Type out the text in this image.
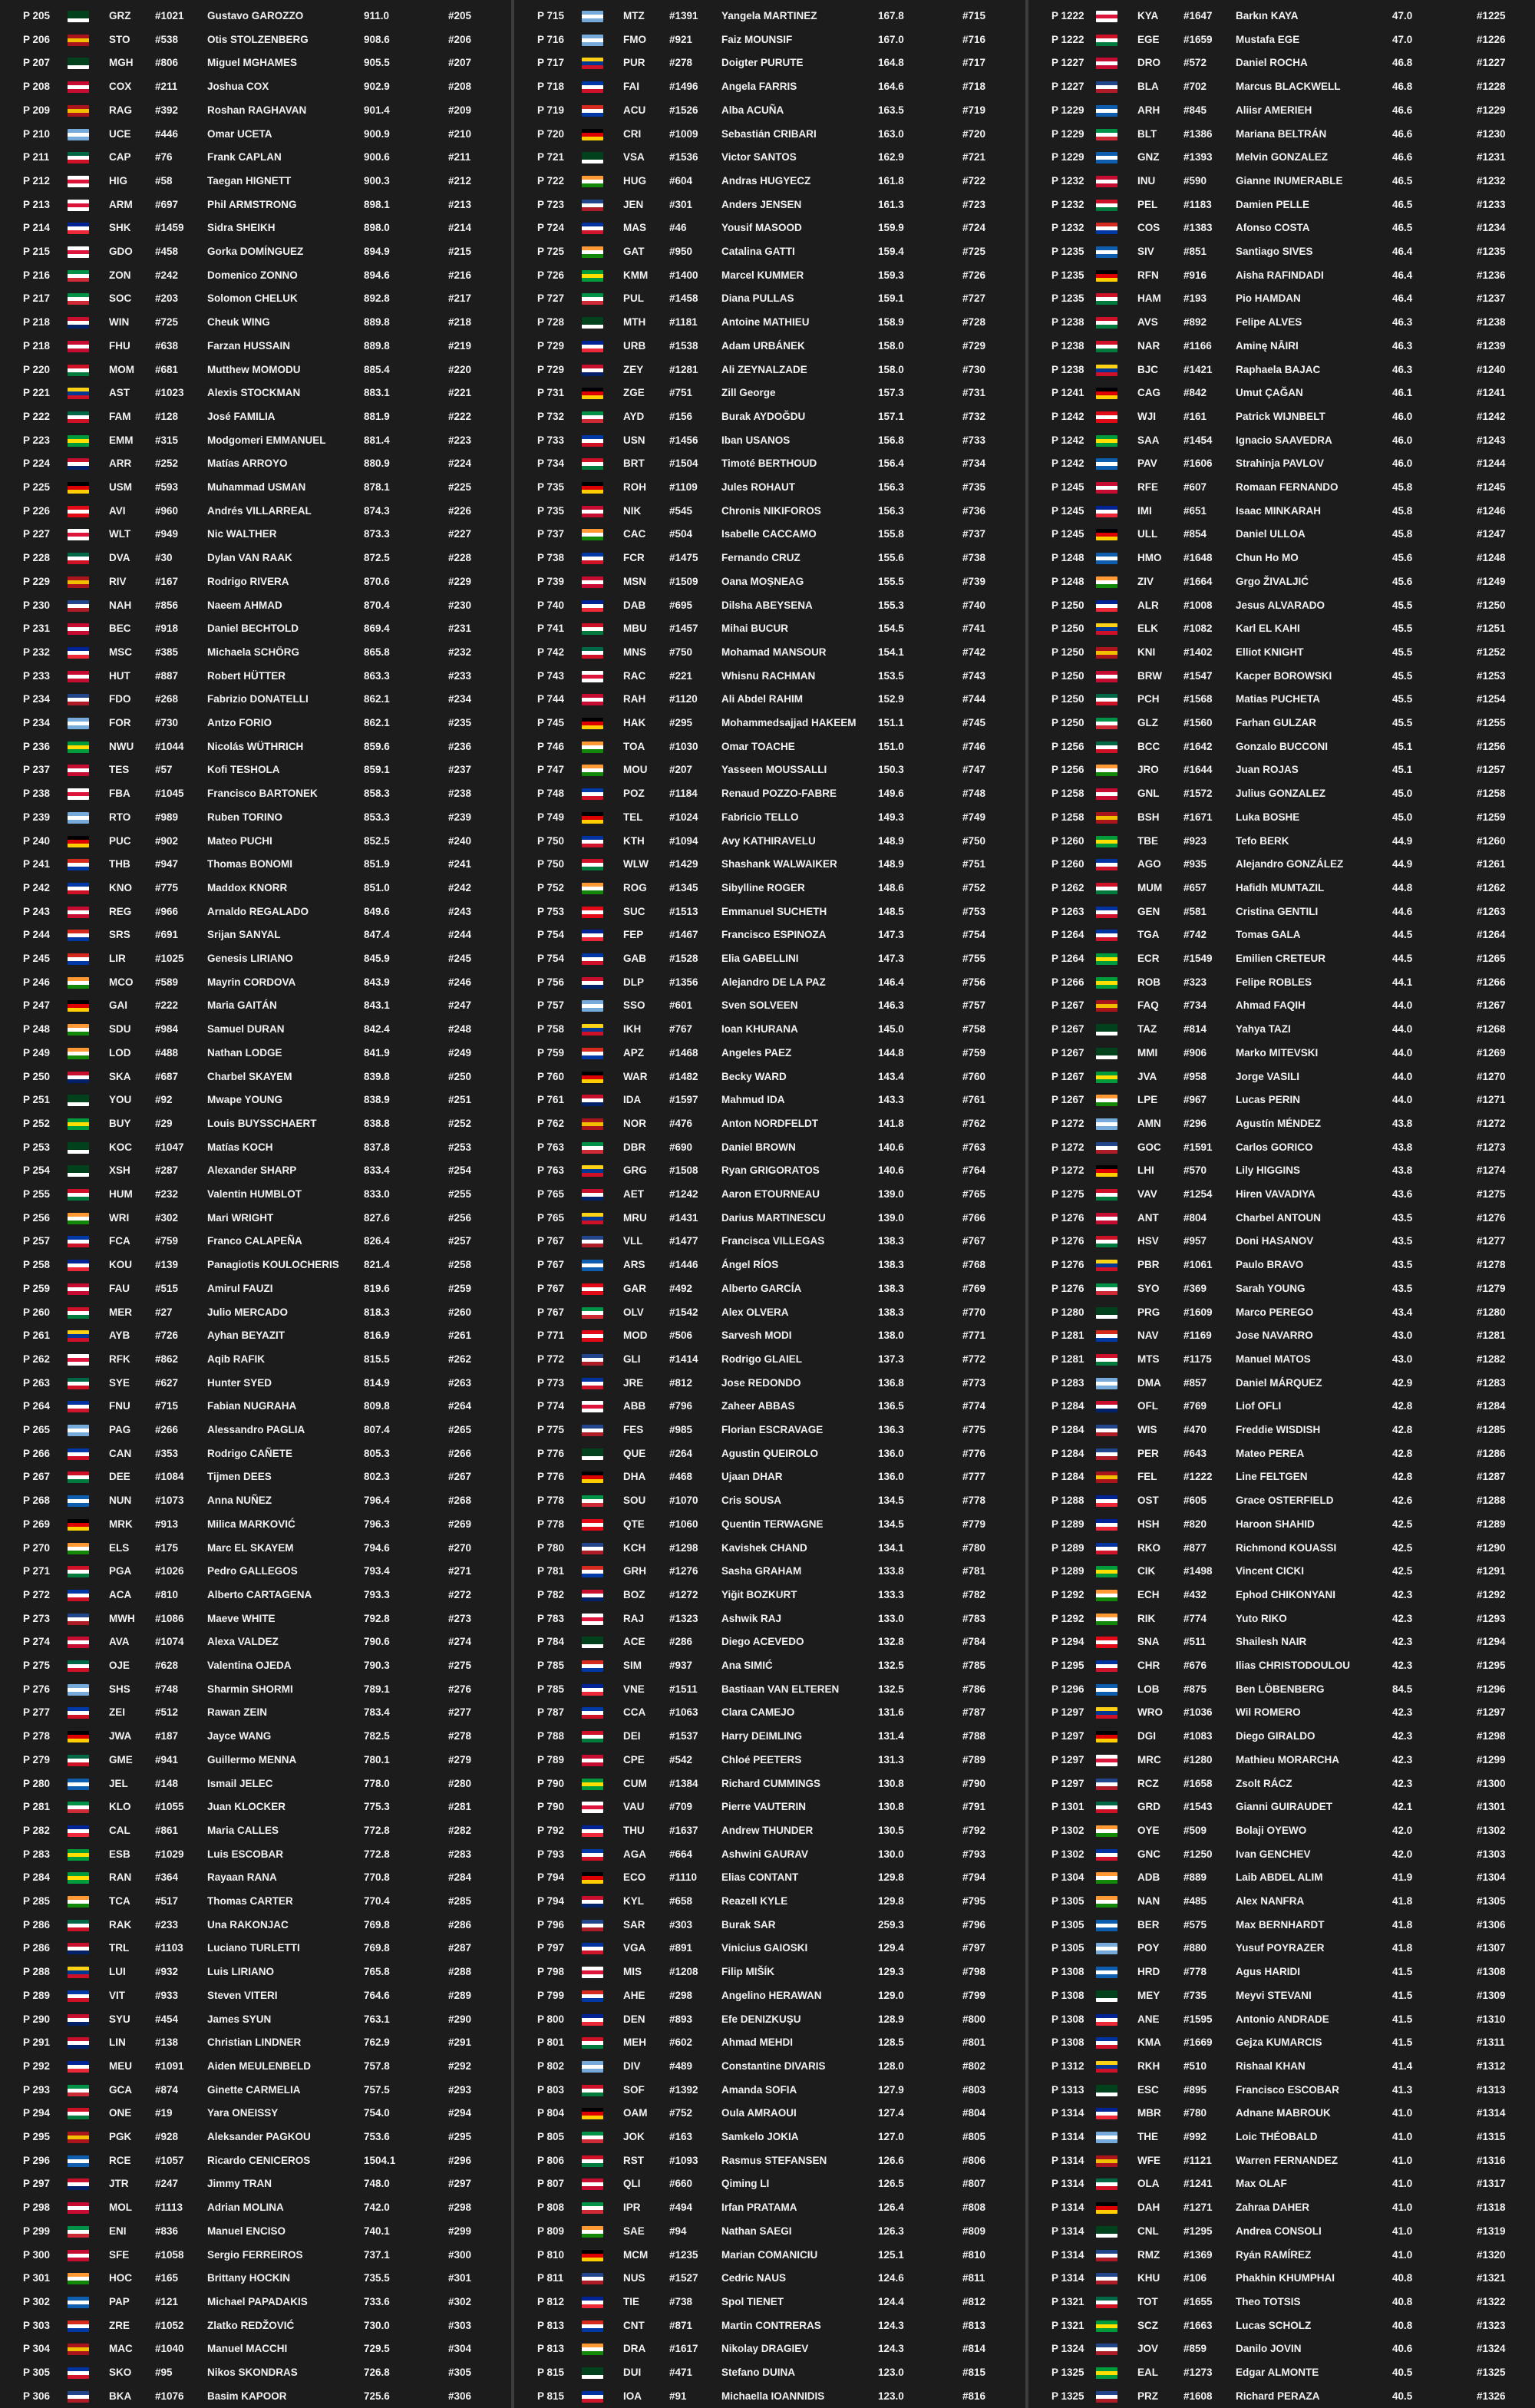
P 205	GRZ	#1021	Gustavo GAROZZO	911.0	#205
P 206	STO	#538	Otis STOLZENBERG	908.6	#206
P 207	MGH	#806	Miguel MGHAMES	905.5	#207
P 208	COX	#211	Joshua COX	902.9	#208
P 209	RAG	#392	Roshan RAGHAVAN	901.4	#209
P 210	UCE	#446	Omar UCETA	900.9	#210
P 211	CAP	#76	Frank CAPLAN	900.6	#211
P 212	HIG	#58	Taegan HIGNETT	900.3	#212
P 213	ARM	#697	Phil ARMSTRONG	898.1	#213
P 214	SHK	#1459	Sidra SHEIKH	898.0	#214
P 215	GDO	#458	Gorka DOMÍNGUEZ	894.9	#215
P 216	ZON	#242	Domenico ZONNO	894.6	#216
P 217	SOC	#203	Solomon CHELUK	892.8	#217
P 218	WIN	#725	Cheuk WING	889.8	#218
P 218	FHU	#638	Farzan HUSSAIN	889.8	#219
P 220	MOM	#681	Mutthew MOMODU	885.4	#220
P 221	AST	#1023	Alexis STOCKMAN	883.1	#221
P 222	FAM	#128	José FAMILIA	881.9	#222
P 223	EMM	#315	Modgomeri EMMANUEL	881.4	#223
P 224	ARR	#252	Matías ARROYO	880.9	#224
P 225	USM	#593	Muhammad USMAN	878.1	#225
P 226	AVI	#960	Andrés VILLARREAL	874.3	#226
P 227	WLT	#949	Nic WALTHER	873.3	#227
P 228	DVA	#30	Dylan VAN RAAK	872.5	#228
P 229	RIV	#167	Rodrigo RIVERA	870.6	#229
P 230	NAH	#856	Naeem AHMAD	870.4	#230
P 231	BEC	#918	Daniel BECHTOLD	869.4	#231
P 232	MSC	#385	Michaela SCHÖRG	865.8	#232
P 233	HUT	#887	Robert HÜTTER	863.3	#233
P 234	FDO	#268	Fabrizio DONATELLI	862.1	#234
P 234	FOR	#730	Antzo FORIO	862.1	#235
P 236	NWU	#1044	Nicolás WÜTHRICH	859.6	#236
P 237	TES	#57	Kofi TESHOLA	859.1	#237
P 238	FBA	#1045	Francisco BARTONEK	858.3	#238
P 239	RTO	#989	Ruben TORINO	853.3	#239
P 240	PUC	#902	Mateo PUCHI	852.5	#240
P 241	THB	#947	Thomas BONOMI	851.9	#241
P 242	KNO	#775	Maddox KNORR	851.0	#242
P 243	REG	#966	Arnaldo REGALADO	849.6	#243
P 244	SRS	#691	Srijan SANYAL	847.4	#244
P 245	LIR	#1025	Genesis LIRIANO	845.9	#245
P 246	MCO	#589	Mayrin CORDOVA	843.9	#246
P 247	GAI	#222	Maria GAITÁN	843.1	#247
P 248	SDU	#984	Samuel DURAN	842.4	#248
P 249	LOD	#488	Nathan LODGE	841.9	#249
P 250	SKA	#687	Charbel SKAYEM	839.8	#250
P 251	YOU	#92	Mwape YOUNG	838.9	#251
P 252	BUY	#29	Louis BUYSSCHAERT	838.8	#252
P 253	KOC	#1047	Matías KOCH	837.8	#253
P 254	XSH	#287	Alexander SHARP	833.4	#254
P 255	HUM	#232	Valentin HUMBLOT	833.0	#255
P 256	WRI	#302	Mari WRIGHT	827.6	#256
P 257	FCA	#759	Franco CALAPEÑA	826.4	#257
P 258	KOU	#139	Panagiotis KOULOCHERIS	821.4	#258
P 259	FAU	#515	Amirul FAUZI	819.6	#259
P 260	MER	#27	Julio MERCADO	818.3	#260
P 261	AYB	#726	Ayhan BEYAZIT	816.9	#261
P 262	RFK	#862	Aqib RAFIK	815.5	#262
P 263	SYE	#627	Hunter SYED	814.9	#263
P 264	FNU	#715	Fabian NUGRAHA	809.8	#264
P 265	PAG	#266	Alessandro PAGLIA	807.4	#265
P 266	CAN	#353	Rodrigo CAÑETE	805.3	#266
P 267	DEE	#1084	Tijmen DEES	802.3	#267
P 268	NUN	#1073	Anna NUÑEZ	796.4	#268
P 269	MRK	#913	Milica MARKOVIĆ	796.3	#269
P 270	ELS	#175	Marc EL SKAYEM	794.6	#270
P 271	PGA	#1026	Pedro GALLEGOS	793.4	#271
P 272	ACA	#810	Alberto CARTAGENA	793.3	#272
P 273	MWH	#1086	Maeve WHITE	792.8	#273
P 274	AVA	#1074	Alexa VALDEZ	790.6	#274
P 275	OJE	#628	Valentina OJEDA	790.3	#275
P 276	SHS	#748	Sharmin SHORMI	789.1	#276
P 277	ZEI	#512	Rawan ZEIN	783.4	#277
P 278	JWA	#187	Jayce WANG	782.5	#278
P 279	GME	#941	Guillermo MENNA	780.1	#279
P 280	JEL	#148	Ismail JELEC	778.0	#280
P 281	KLO	#1055	Juan KLOCKER	775.3	#281
P 282	CAL	#861	Maria CALLES	772.8	#282
P 283	ESB	#1029	Luis ESCOBAR	772.8	#283
P 284	RAN	#364	Rayaan RANA	770.8	#284
P 285	TCA	#517	Thomas CARTER	770.4	#285
P 286	RAK	#233	Una RAKONJAC	769.8	#286
P 286	TRL	#1103	Luciano TURLETTI	769.8	#287
P 288	LUI	#932	Luis LIRIANO	765.8	#288
P 289	VIT	#933	Steven VITERI	764.6	#289
P 290	SYU	#454	James SYUN	763.1	#290
P 291	LIN	#138	Christian LINDNER	762.9	#291
P 292	MEU	#1091	Aiden MEULENBELD	757.8	#292
P 293	GCA	#874	Ginette CARMELIA	757.5	#293
P 294	ONE	#19	Yara ONEISSY	754.0	#294
P 295	PGK	#928	Aleksander PAGKOU	753.6	#295
P 296	RCE	#1057	Ricardo CENICEROS	1504.1	#296
P 297	JTR	#247	Jimmy TRAN	748.0	#297
P 298	MOL	#1113	Adrian MOLINA	742.0	#298
P 299	ENI	#836	Manuel ENCISO	740.1	#299
P 300	SFE	#1058	Sergio FERREIROS	737.1	#300
P 301	HOC	#165	Brittany HOCKIN	735.5	#301
P 302	PAP	#121	Michael PAPADAKIS	733.6	#302
P 303	ZRE	#1052	Zlatko REDŽOVIĆ	730.0	#303
P 304	MAC	#1040	Manuel MACCHI	729.5	#304
P 305	SKO	#95	Nikos SKONDRAS	726.8	#305
P 306	BKA	#1076	Basim KAPOOR	725.6	#306
P 715	MTZ	#1391	Yangela MARTINEZ	167.8	#715
P 716	FMO	#921	Faiz MOUNSIF	167.0	#716
P 717	PUR	#278	Doigter PURUTE	164.8	#717
P 718	FAI	#1496	Angela FARRIS	164.6	#718
P 719	ACU	#1526	Alba ACUÑA	163.5	#719
P 720	CRI	#1009	Sebastián CRIBARI	163.0	#720
P 721	VSA	#1536	Victor SANTOS	162.9	#721
P 722	HUG	#604	Andras HUGYECZ	161.8	#722
P 723	JEN	#301	Anders JENSEN	161.3	#723
P 724	MAS	#46	Yousif MASOOD	159.9	#724
P 725	GAT	#950	Catalina GATTI	159.4	#725
P 726	KMM	#1400	Marcel KUMMER	159.3	#726
P 727	PUL	#1458	Diana PULLAS	159.1	#727
P 728	MTH	#1181	Antoine MATHIEU	158.9	#728
P 729	URB	#1538	Adam URBÁNEK	158.0	#729
P 729	ZEY	#1281	Ali ZEYNALZADE	158.0	#730
P 731	ZGE	#751	Zill George	157.3	#731
P 732	AYD	#156	Burak AYDOĞDU	157.1	#732
P 733	USN	#1456	Iban USANOS	156.8	#733
P 734	BRT	#1504	Timoté BERTHOUD	156.4	#734
P 735	ROH	#1109	Jules ROHAUT	156.3	#735
P 735	NIK	#545	Chronis NIKIFOROS	156.3	#736
P 737	CAC	#504	Isabelle CACCAMO	155.8	#737
P 738	FCR	#1475	Fernando CRUZ	155.6	#738
P 739	MSN	#1509	Oana MOȘNEAG	155.5	#739
P 740	DAB	#695	Dilsha ABEYSENA	155.3	#740
P 741	MBU	#1457	Mihai BUCUR	154.5	#741
P 742	MNS	#750	Mohamad MANSOUR	154.1	#742
P 743	RAC	#221	Whisnu RACHMAN	153.5	#743
P 744	RAH	#1120	Ali Abdel RAHIM	152.9	#744
P 745	HAK	#295	Mohammedsajjad HAKEEM	151.1	#745
P 746	TOA	#1030	Omar TOACHE	151.0	#746
P 747	MOU	#207	Yasseen MOUSSALLI	150.3	#747
P 748	POZ	#1184	Renaud POZZO-FABRE	149.6	#748
P 749	TEL	#1024	Fabricio TELLO	149.3	#749
P 750	KTH	#1094	Avy KATHIRAVELU	148.9	#750
P 750	WLW	#1429	Shashank WALWAIKER	148.9	#751
P 752	ROG	#1345	Sibylline ROGER	148.6	#752
P 753	SUC	#1513	Emmanuel SUCHETH	148.5	#753
P 754	FEP	#1467	Francisco ESPINOZA	147.3	#754
P 754	GAB	#1528	Elia GABELLINI	147.3	#755
P 756	DLP	#1356	Alejandro DE LA PAZ	146.4	#756
P 757	SSO	#601	Sven SOLVEEN	146.3	#757
P 758	IKH	#767	Ioan KHURANA	145.0	#758
P 759	APZ	#1468	Angeles PAEZ	144.8	#759
P 760	WAR	#1482	Becky WARD	143.4	#760
P 761	IDA	#1597	Mahmud IDA	143.3	#761
P 762	NOR	#476	Anton NORDFELDT	141.8	#762
P 763	DBR	#690	Daniel BROWN	140.6	#763
P 763	GRG	#1508	Ryan GRIGORATOS	140.6	#764
P 765	AET	#1242	Aaron ETOURNEAU	139.0	#765
P 765	MRU	#1431	Darius MARTINESCU	139.0	#766
P 767	VLL	#1477	Francisca VILLEGAS	138.3	#767
P 767	ARS	#1446	Ángel RÍOS	138.3	#768
P 767	GAR	#492	Alberto GARCÍA	138.3	#769
P 767	OLV	#1542	Alex OLVERA	138.3	#770
P 771	MOD	#506	Sarvesh MODI	138.0	#771
P 772	GLI	#1414	Rodrigo GLAIEL	137.3	#772
P 773	JRE	#812	Jose REDONDO	136.8	#773
P 774	ABB	#796	Zaheer ABBAS	136.5	#774
P 775	FES	#985	Florian ESCRAVAGE	136.3	#775
P 776	QUE	#264	Agustin QUEIROLO	136.0	#776
P 776	DHA	#468	Ujaan DHAR	136.0	#777
P 778	SOU	#1070	Cris SOUSA	134.5	#778
P 778	QTE	#1060	Quentin TERWAGNE	134.5	#779
P 780	KCH	#1298	Kavishek CHAND	134.1	#780
P 781	GRH	#1276	Sasha GRAHAM	133.8	#781
P 782	BOZ	#1272	Yiğit BOZKURT	133.3	#782
P 783	RAJ	#1323	Ashwik RAJ	133.0	#783
P 784	ACE	#286	Diego ACEVEDO	132.8	#784
P 785	SIM	#937	Ana SIMIĆ	132.5	#785
P 785	VNE	#1511	Bastiaan VAN ELTEREN	132.5	#786
P 787	CCA	#1063	Clara CAMEJO	131.6	#787
P 788	DEI	#1537	Harry DEIMLING	131.4	#788
P 789	CPE	#542	Chloé PEETERS	131.3	#789
P 790	CUM	#1384	Richard CUMMINGS	130.8	#790
P 790	VAU	#709	Pierre VAUTERIN	130.8	#791
P 792	THU	#1637	Andrew THUNDER	130.5	#792
P 793	AGA	#664	Ashwini GAURAV	130.0	#793
P 794	ECO	#1110	Elias CONTANT	129.8	#794
P 794	KYL	#658	Reazell KYLE	129.8	#795
P 796	SAR	#303	Burak SAR	259.3	#796
P 797	VGA	#891	Vinicius GAIOSKI	129.4	#797
P 798	MIS	#1208	Filip MIŠÍK	129.3	#798
P 799	AHE	#298	Angelino HERAWAN	129.0	#799
P 800	DEN	#893	Efe DENIZKUŞU	128.9	#800
P 801	MEH	#602	Ahmad MEHDI	128.5	#801
P 802	DIV	#489	Constantine DIVARIS	128.0	#802
P 803	SOF	#1392	Amanda SOFIA	127.9	#803
P 804	OAM	#752	Oula AMRAOUI	127.4	#804
P 805	JOK	#163	Samkelo JOKIA	127.0	#805
P 806	RST	#1093	Rasmus STEFANSEN	126.6	#806
P 807	QLI	#660	Qiming LI	126.5	#807
P 808	IPR	#494	Irfan PRATAMA	126.4	#808
P 809	SAE	#94	Nathan SAEGI	126.3	#809
P 810	MCM	#1235	Marian COMANICIU	125.1	#810
P 811	NUS	#1527	Cedric NAUS	124.6	#811
P 812	TIE	#738	Spol TIENET	124.4	#812
P 813	CNT	#871	Martin CONTRERAS	124.3	#813
P 813	DRA	#1617	Nikolay DRAGIEV	124.3	#814
P 815	DUI	#471	Stefano DUINA	123.0	#815
P 815	IOA	#91	Michaella IOANNIDIS	123.0	#816
P 1222	KYA	#1647	Barkın KAYA	47.0	#1225
P 1222	EGE	#1659	Mustafa EGE	47.0	#1226
P 1227	DRO	#572	Daniel ROCHA	46.8	#1227
P 1227	BLA	#702	Marcus BLACKWELL	46.8	#1228
P 1229	ARH	#845	Aliisr AMERIEH	46.6	#1229
P 1229	BLT	#1386	Mariana BELTRÁN	46.6	#1230
P 1229	GNZ	#1393	Melvin GONZALEZ	46.6	#1231
P 1232	INU	#590	Gianne INUMERABLE	46.5	#1232
P 1232	PEL	#1183	Damien PELLE	46.5	#1233
P 1232	COS	#1383	Afonso COSTA	46.5	#1234
P 1235	SIV	#851	Santiago SIVES	46.4	#1235
P 1235	RFN	#916	Aisha RAFINDADI	46.4	#1236
P 1235	HAM	#193	Pio HAMDAN	46.4	#1237
P 1238	AVS	#892	Felipe ALVES	46.3	#1238
P 1238	NAR	#1166	Aminę NĀIRI	46.3	#1239
P 1238	BJC	#1421	Raphaela BAJAC	46.3	#1240
P 1241	CAG	#842	Umut ÇAĞAN	46.1	#1241
P 1242	WJI	#161	Patrick WIJNBELT	46.0	#1242
P 1242	SAA	#1454	Ignacio SAAVEDRA	46.0	#1243
P 1242	PAV	#1606	Strahinja PAVLOV	46.0	#1244
P 1245	RFE	#607	Romaan FERNANDO	45.8	#1245
P 1245	IMI	#651	Isaac MINKARAH	45.8	#1246
P 1245	ULL	#854	Daniel ULLOA	45.8	#1247
P 1248	HMO	#1648	Chun Ho MO	45.6	#1248
P 1248	ZIV	#1664	Grgo ŽIVALJIĆ	45.6	#1249
P 1250	ALR	#1008	Jesus ALVARADO	45.5	#1250
P 1250	ELK	#1082	Karl EL KAHI	45.5	#1251
P 1250	KNI	#1402	Elliot KNIGHT	45.5	#1252
P 1250	BRW	#1547	Kacper BOROWSKI	45.5	#1253
P 1250	PCH	#1568	Matias PUCHETA	45.5	#1254
P 1250	GLZ	#1560	Farhan GULZAR	45.5	#1255
P 1256	BCC	#1642	Gonzalo BUCCONI	45.1	#1256
P 1256	JRO	#1644	Juan ROJAS	45.1	#1257
P 1258	GNL	#1572	Julius GONZALEZ	45.0	#1258
P 1258	BSH	#1671	Luka BOSHE	45.0	#1259
P 1260	TBE	#923	Tefo BERK	44.9	#1260
P 1260	AGO	#935	Alejandro GONZÁLEZ	44.9	#1261
P 1262	MUM	#657	Hafidh MUMTAZIL	44.8	#1262
P 1263	GEN	#581	Cristina GENTILI	44.6	#1263
P 1264	TGA	#742	Tomas GALA	44.5	#1264
P 1264	ECR	#1549	Emilien CRETEUR	44.5	#1265
P 1266	ROB	#323	Felipe ROBLES	44.1	#1266
P 1267	FAQ	#734	Ahmad FAQIH	44.0	#1267
P 1267	TAZ	#814	Yahya TAZI	44.0	#1268
P 1267	MMI	#906	Marko MITEVSKI	44.0	#1269
P 1267	JVA	#958	Jorge VASILI	44.0	#1270
P 1267	LPE	#967	Lucas PERIN	44.0	#1271
P 1272	AMN	#296	Agustín MÉNDEZ	43.8	#1272
P 1272	GOC	#1591	Carlos GORICO	43.8	#1273
P 1272	LHI	#570	Lily HIGGINS	43.8	#1274
P 1275	VAV	#1254	Hiren VAVADIYA	43.6	#1275
P 1276	ANT	#804	Charbel ANTOUN	43.5	#1276
P 1276	HSV	#957	Doni HASANOV	43.5	#1277
P 1276	PBR	#1061	Paulo BRAVO	43.5	#1278
P 1276	SYO	#369	Sarah YOUNG	43.5	#1279
P 1280	PRG	#1609	Marco PEREGO	43.4	#1280
P 1281	NAV	#1169	Jose NAVARRO	43.0	#1281
P 1281	MTS	#1175	Manuel MATOS	43.0	#1282
P 1283	DMA	#857	Daniel MÁRQUEZ	42.9	#1283
P 1284	OFL	#769	Liof OFLI	42.8	#1284
P 1284	WIS	#470	Freddie WISDISH	42.8	#1285
P 1284	PER	#643	Mateo PEREA	42.8	#1286
P 1284	FEL	#1222	Line FELTGEN	42.8	#1287
P 1288	OST	#605	Grace OSTERFIELD	42.6	#1288
P 1289	HSH	#820	Haroon SHAHID	42.5	#1289
P 1289	RKO	#877	Richmond KOUASSI	42.5	#1290
P 1289	CIK	#1498	Vincent CICKI	42.5	#1291
P 1292	ECH	#432	Ephod CHIKONYANI	42.3	#1292
P 1292	RIK	#774	Yuto RIKO	42.3	#1293
P 1294	SNA	#511	Shailesh NAIR	42.3	#1294
P 1295	CHR	#676	Ilias CHRISTODOULOU	42.3	#1295
P 1296	LOB	#875	Ben LÖBENBERG	84.5	#1296
P 1297	WRO	#1036	Wil ROMERO	42.3	#1297
P 1297	DGI	#1083	Diego GIRALDO	42.3	#1298
P 1297	MRC	#1280	Mathieu MORARCHA	42.3	#1299
P 1297	RCZ	#1658	Zsolt RÁCZ	42.3	#1300
P 1301	GRD	#1543	Gianni GUIRAUDET	42.1	#1301
P 1302	OYE	#509	Bolaji OYEWO	42.0	#1302
P 1302	GNC	#1250	Ivan GENCHEV	42.0	#1303
P 1304	ADB	#889	Laib ABDEL ALIM	41.9	#1304
P 1305	NAN	#485	Alex NANFRA	41.8	#1305
P 1305	BER	#575	Max BERNHARDT	41.8	#1306
P 1305	POY	#880	Yusuf POYRAZER	41.8	#1307
P 1308	HRD	#778	Agus HARIDI	41.5	#1308
P 1308	MEY	#735	Meyvi STEVANI	41.5	#1309
P 1308	ANE	#1595	Antonio ANDRADE	41.5	#1310
P 1308	KMA	#1669	Gejza KUMARCIS	41.5	#1311
P 1312	RKH	#510	Rishaal KHAN	41.4	#1312
P 1313	ESC	#895	Francisco ESCOBAR	41.3	#1313
P 1314	MBR	#780	Adnane MABROUK	41.0	#1314
P 1314	THE	#992	Loic THÉOBALD	41.0	#1315
P 1314	WFE	#1121	Warren FERNANDEZ	41.0	#1316
P 1314	OLA	#1241	Max OLAF	41.0	#1317
P 1314	DAH	#1271	Zahraa DAHER	41.0	#1318
P 1314	CNL	#1295	Andrea CONSOLI	41.0	#1319
P 1314	RMZ	#1369	Ryán RAMÍREZ	41.0	#1320
P 1314	KHU	#106	Phakhin KHUMPHAI	40.8	#1321
P 1321	TOT	#1655	Theo TOTSIS	40.8	#1322
P 1321	SCZ	#1663	Lucas SCHOLZ	40.8	#1323
P 1324	JOV	#859	Danilo JOVIN	40.6	#1324
P 1325	EAL	#1273	Edgar ALMONTE	40.5	#1325
P 1325	PRZ	#1608	Richard PERAZA	40.5	#1326
